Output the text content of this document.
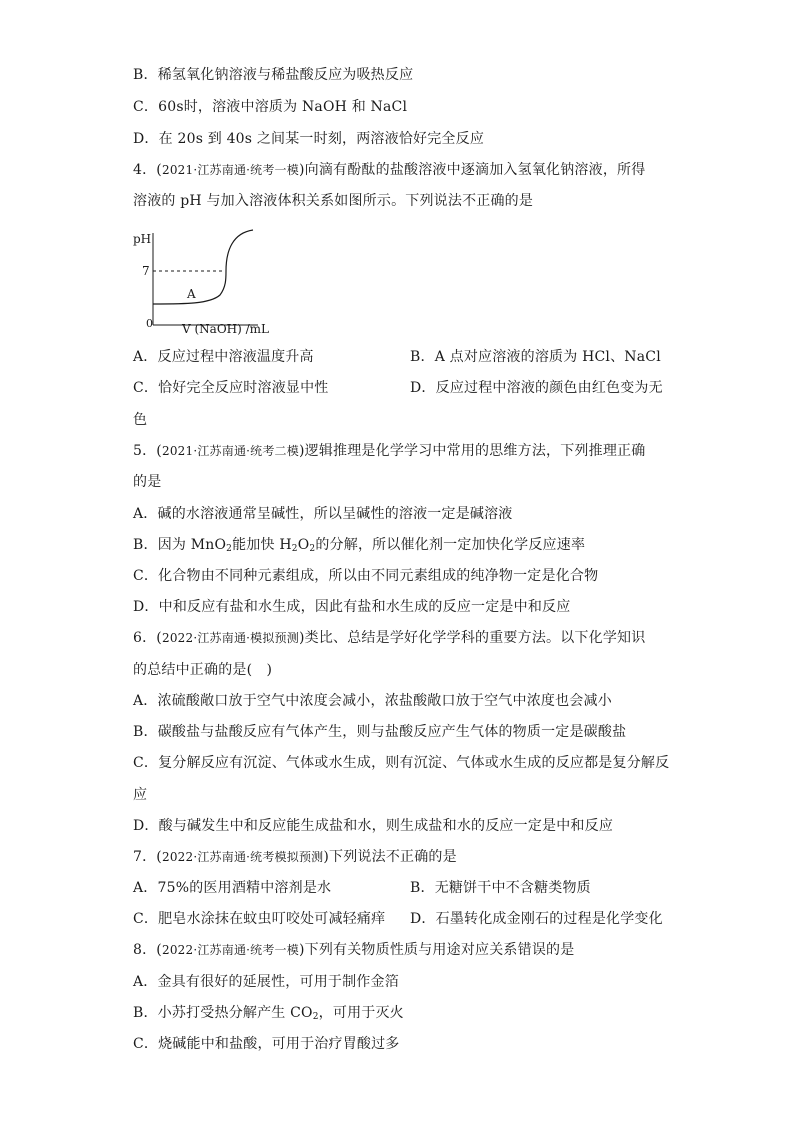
B．稀氢氧化钠溶液与稀盐酸反应为吸热反应
C．60s时，溶液中溶质为 NaOH 和 NaCl
D．在 20s 到 40s 之间某一时刻，两溶液恰好完全反应
4．(2021·江苏南通·统考一模)向滴有酚酞的盐酸溶液中逐滴加入氢氧化钠溶液，所得
溶液的 pH 与加入溶液体积关系如图所示。下列说法不正确的是
pH
7
0
A
V (NaOH) /mL
A．反应过程中溶液温度升高	B．A 点对应溶液的溶质为 HCl、NaCl
C．恰好完全反应时溶液显中性	D．反应过程中溶液的颜色由红色变为无
色
5．(2021·江苏南通·统考二模)逻辑推理是化学学习中常用的思维方法，下列推理正确
的是
A．碱的水溶液通常呈碱性，所以呈碱性的溶液一定是碱溶液
B．因为 MnO$_2$能加快 $H_2O_2$的分解，所以催化剂一定加快化学反应速率
C．化合物由不同种元素组成，所以由不同元素组成的纯净物一定是化合物
D．中和反应有盐和水生成，因此有盐和水生成的反应一定是中和反应
6．(2022·江苏南通·模拟预测)类比、总结是学好化学学科的重要方法。以下化学知识
的总结中正确的是(　)
A．浓硫酸敞口放于空气中浓度会减小，浓盐酸敞口放于空气中浓度也会减小
B．碳酸盐与盐酸反应有气体产生，则与盐酸反应产生气体的物质一定是碳酸盐
C．复分解反应有沉淀、气体或水生成，则有沉淀、气体或水生成的反应都是复分解反
应
D．酸与碱发生中和反应能生成盐和水，则生成盐和水的反应一定是中和反应
7．(2022·江苏南通·统考模拟预测)下列说法不正确的是
A．75%的医用酒精中溶剂是水	B．无糖饼干中不含糖类物质
C．肥皂水涂抹在蚊虫叮咬处可减轻痛痒 D．石墨转化成金刚石的过程是化学变化
8．(2022·江苏南通·统考一模)下列有关物质性质与用途对应关系错误的是
A．金具有很好的延展性，可用于制作金箔
B．小苏打受热分解产生 $CO_2$，可用于灭火
C．烧碱能中和盐酸，可用于治疗胃酸过多
